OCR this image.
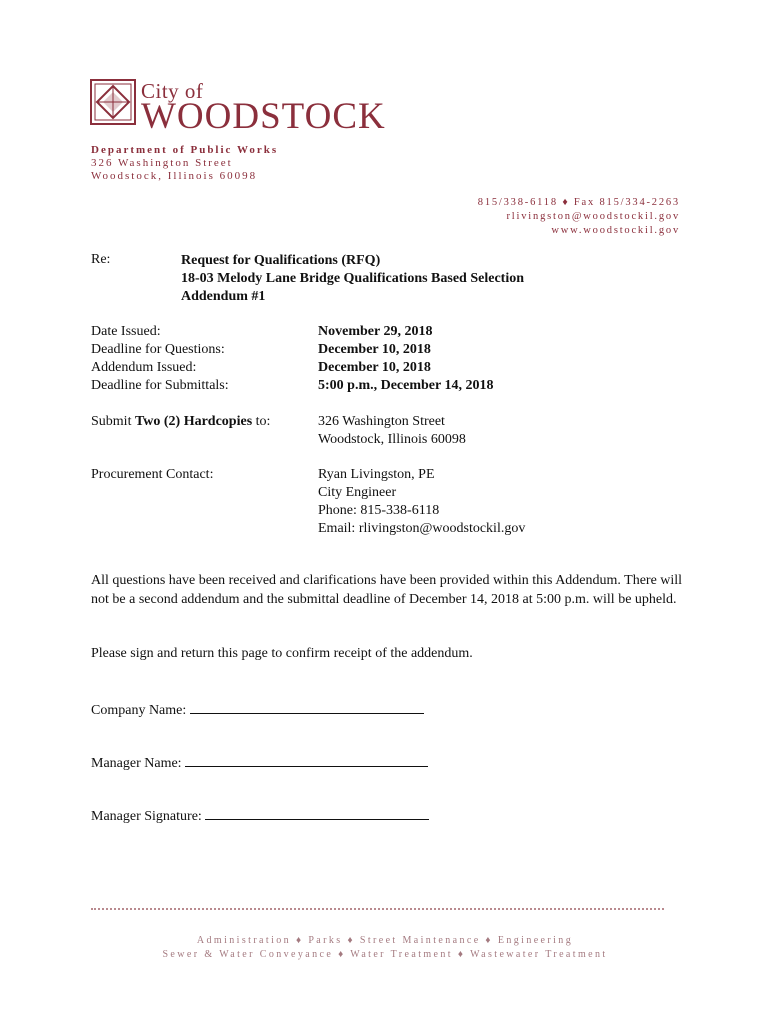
City of
WOODSTOCK
Department of Public Works
326 Washington Street
Woodstock, Illinois 60098
815/338-6118 ♦ Fax 815/334-2263
rlivingston@woodstockil.gov
www.woodstockil.gov
Re:	Request for Qualifications (RFQ)
18-03 Melody Lane Bridge Qualifications Based Selection
Addendum #1
Date Issued:	November 29, 2018
Deadline for Questions:	December 10, 2018
Addendum Issued:	December 10, 2018
Deadline for Submittals:	5:00 p.m., December 14, 2018
Submit Two (2) Hardcopies to:	326 Washington Street
Woodstock, Illinois 60098
Procurement Contact:	Ryan Livingston, PE
City Engineer
Phone: 815-338-6118
Email: rlivingston@woodstockil.gov
All questions have been received and clarifications have been provided within this Addendum. There will not be a second addendum and the submittal deadline of December 14, 2018 at 5:00 p.m. will be upheld.
Please sign and return this page to confirm receipt of the addendum.
Company Name:
Manager Name:
Manager Signature:
Administration ♦ Parks ♦ Street Maintenance ♦ Engineering
Sewer & Water Conveyance ♦ Water Treatment ♦ Wastewater Treatment
